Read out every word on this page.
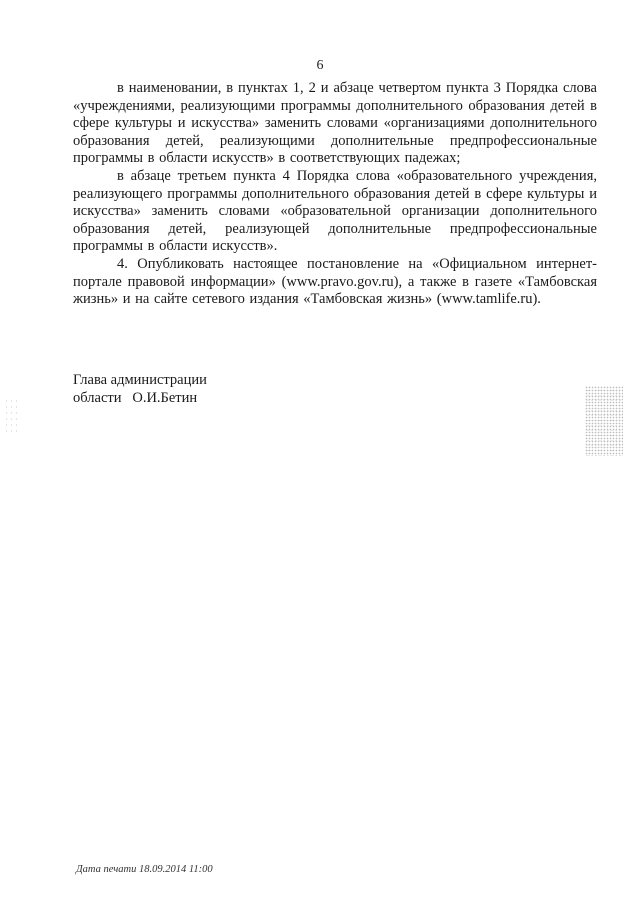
6

в наименовании, в пунктах 1, 2 и абзаце четвертом пункта 3 Порядка слова «учреждениями, реализующими программы дополнительного образования детей в сфере культуры и искусства» заменить словами «организациями дополнительного образования детей, реализующими дополнительные предпрофессиональные программы в области искусств» в соответствующих падежах;

в абзаце третьем пункта 4 Порядка слова «образовательного учреждения, реализующего программы дополнительного образования детей в сфере культуры и искусства» заменить словами «образовательной организации дополнительного образования детей, реализующей дополнительные предпрофессиональные программы в области искусств».

4. Опубликовать настоящее постановление на «Официальном интернет-портале правовой информации» (www.pravo.gov.ru), а также в газете «Тамбовская жизнь» и на сайте сетевого издания «Тамбовская жизнь» (www.tamlife.ru).

Глава администрации
области   О.И.Бетин
Дата печати 18.09.2014 11:00
